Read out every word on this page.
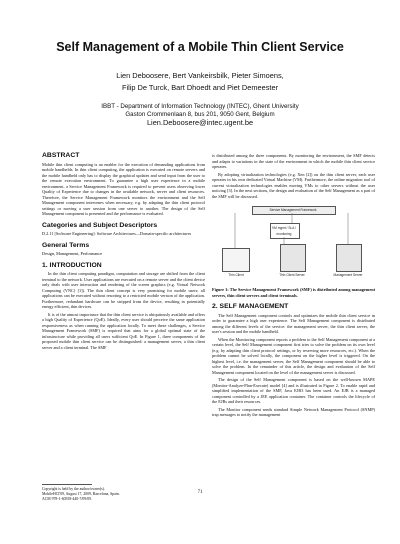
Self Management of a Mobile Thin Client Service
Lien Deboosere, Bert Vankeirsbilk, Pieter Simoens,
Filip De Turck, Bart Dhoedt and Piet Demeester
IBBT - Department of Information Technology (INTEC), Ghent University
Gaston Crommenlaan 8, bus 201, 9050 Gent, Belgium
Lien.Deboosere@intec.ugent.be
ABSTRACT

Mobile thin client computing is an enabler for the execution of demanding applications from mobile handhelds. In thin client computing, the application is executed on remote servers and the mobile handheld only has to display the graphical updates and send input from the user to the remote execution environment. To guarantee a high user experience in a mobile environment, a Service Management Framework is required to prevent users observing lower Quality of Experience due to changes in the available network, server and client resources. Therefore, the Service Management Framework monitors the environment and the Self Management component intervenes when necessary, e.g. by adapting the thin client protocol settings or moving a user session from one server to another. The design of the Self Management component is presented and the performance is evaluated.

Categories and Subject Descriptors

D.2.11 [Software Engineering]: Software Architectures—Domain-specific architectures

General Terms

Design, Management, Performance

1. INTRODUCTION

In the thin client computing paradigm, computation and storage are shifted from the client terminal to the network. User applications are executed on a remote server and the client device only deals with user interaction and rendering of the screen graphics (e.g. Virtual Network Computing (VNC) [1]). The thin client concept is very promising for mobile users: all applications can be executed without resorting to a restricted mobile version of the application. Furthermore, redundant hardware can be stripped from the device, resulting in potentially energy efficient, thin devices.

It is of the utmost importance that the thin client service is ubiquitously available and offers a high Quality of Experience (QoE). Ideally, every user should perceive the same application responsiveness as when running the application locally. To meet these challenges, a Service Management Framework (SMF) is required that aims for a global optimal state of the infrastructure while providing all users sufficient QoE. In Figure 1, three components of the proposed mobile thin client service can be distinguished: a management server, a thin client server and a client terminal. The SMF

Copyright is held by the author/owner(s).
MobileHCI'09, August 17, 2009, Barcelona, Spain.
ACM 978-1-60558-440-7/09/09.

is distributed among the three components. By monitoring the environment, the SMF detects and adapts to variations in the state of the environment in which the mobile thin client service operates.

By adopting virtualization technologies (e.g. Xen [2]) on the thin client server, each user operates in his own dedicated Virtual Machine (VM). Furthermore, the online migration tool of current virtualization technologies enables moving VMs to other servers without the user noticing [3]. In the next sections, the design and evaluation of the Self Management as a part of the SMF will be discussed.

Service Management Framework
VM mgmt / SLA / monitoring
Thin Client	Thin Client Server	Management Server
Figure 1: The Service Management Framework (SMF) is distributed among management servers, thin client servers and client terminals.
2. SELF MANAGEMENT

The Self Management component controls and optimizes the mobile thin client service in order to guarantee a high user experience. The Self Management component is distributed among the different levels of the service: the management server, the thin client server, the user's session and the mobile handheld.

When the Monitoring component reports a problem to the Self Management component at a certain level, the Self Management component first tries to solve the problem on its own level (e.g. by adapting thin client protocol settings, or by reserving more resources, etc.). When the problem cannot be solved locally, the component on the higher level is triggered. On the highest level, i.e. the management server, the Self Management component should be able to solve the problem. In the remainder of this article, the design and evaluation of the Self Management component located on the level of the management server is discussed.

The design of the Self Management component is based on the well-known MAPE (Monitor-Analyze-Plan-Execute) model [4] and is illustrated in Figure 2. To enable rapid and simplified implementation of the SMF, Java EJB3 has been used. An EJB is a managed component controlled by a JEE application container. The container controls the lifecycle of the EJBs and their resources.

The Monitor component sends standard Simple Network Management Protocol (SNMP) trap messages to notify the management

71
